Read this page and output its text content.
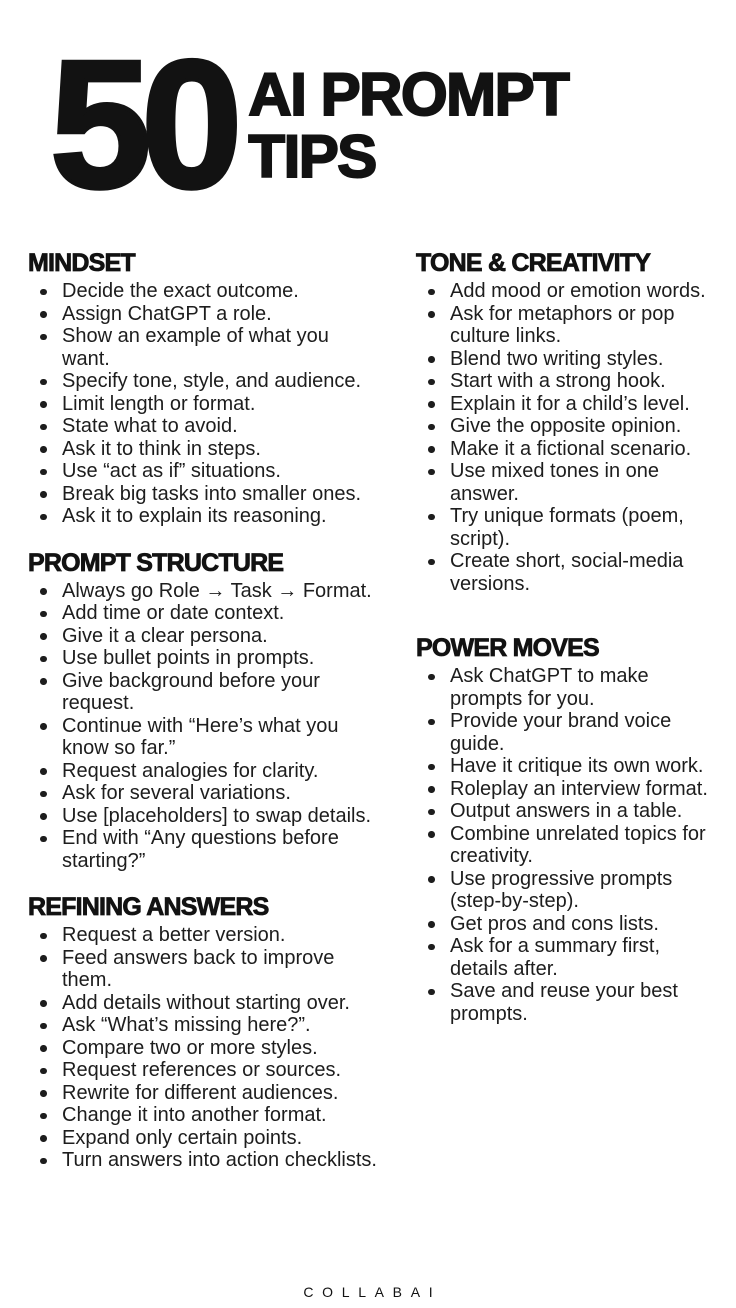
50 AI PROMPT
TIPS
MINDSET
Decide the exact outcome.
Assign ChatGPT a role.
Show an example of what you want.
Specify tone, style, and audience.
Limit length or format.
State what to avoid.
Ask it to think in steps.
Use “act as if” situations.
Break big tasks into smaller ones.
Ask it to explain its reasoning.
PROMPT STRUCTURE
Always go Role → Task → Format.
Add time or date context.
Give it a clear persona.
Use bullet points in prompts.
Give background before your request.
Continue with “Here’s what you know so far.”
Request analogies for clarity.
Ask for several variations.
Use [placeholders] to swap details.
End with “Any questions before starting?”
REFINING ANSWERS
Request a better version.
Feed answers back to improve them.
Add details without starting over.
Ask “What’s missing here?”.
Compare two or more styles.
Request references or sources.
Rewrite for different audiences.
Change it into another format.
Expand only certain points.
Turn answers into action checklists.
TONE & CREATIVITY
Add mood or emotion words.
Ask for metaphors or pop culture links.
Blend two writing styles.
Start with a strong hook.
Explain it for a child’s level.
Give the opposite opinion.
Make it a fictional scenario.
Use mixed tones in one answer.
Try unique formats (poem, script).
Create short, social-media versions.
POWER MOVES
Ask ChatGPT to make prompts for you.
Provide your brand voice guide.
Have it critique its own work.
Roleplay an interview format.
Output answers in a table.
Combine unrelated topics for creativity.
Use progressive prompts (step-by-step).
Get pros and cons lists.
Ask for a summary first, details after.
Save and reuse your best prompts.
COLLABAI
